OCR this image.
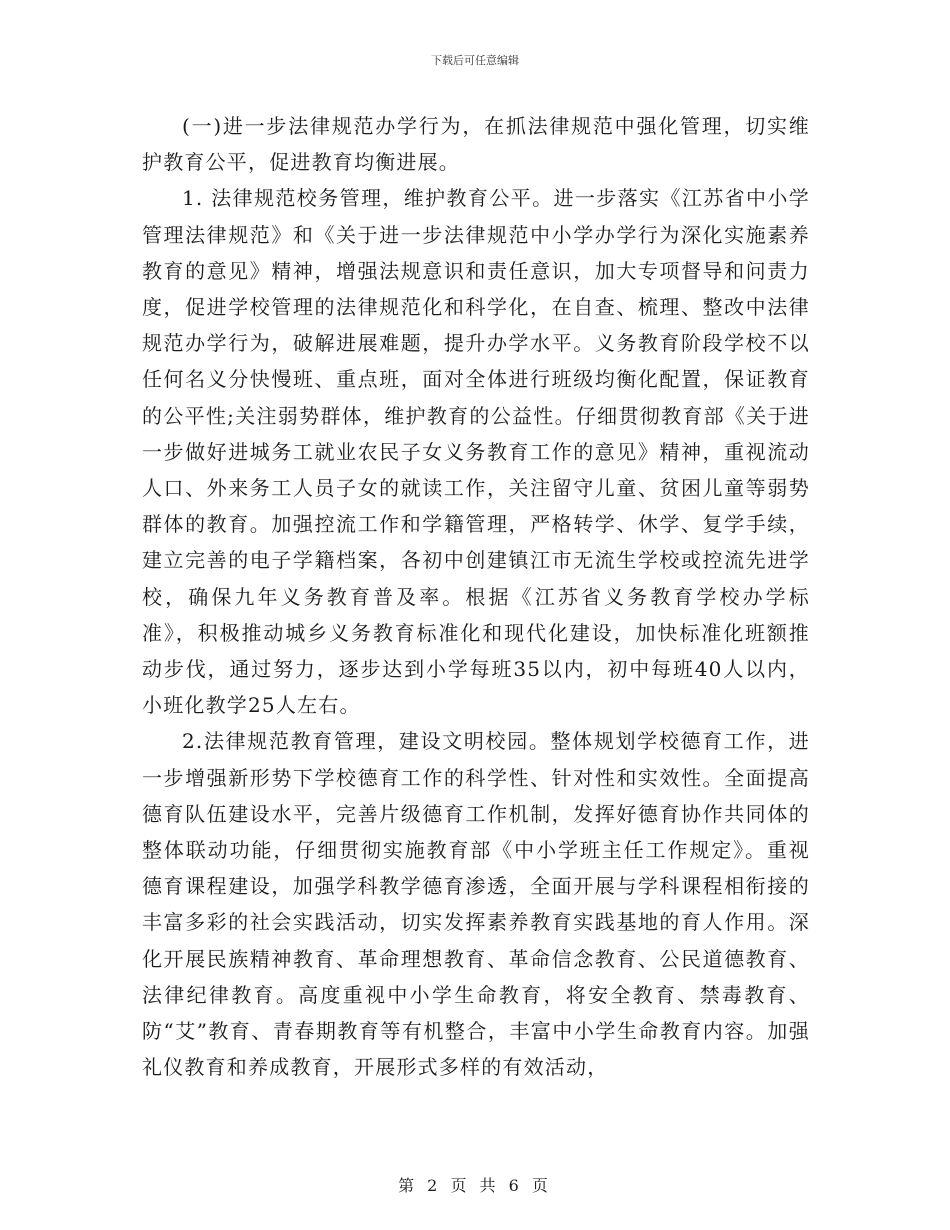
下载后可任意编辑

(一)进一步法律规范办学行为，在抓法律规范中强化管理，切实维护教育公平，促进教育均衡进展。

1. 法律规范校务管理，维护教育公平。进一步落实《江苏省中小学管理法律规范》和《关于进一步法律规范中小学办学行为深化实施素养教育的意见》精神，增强法规意识和责任意识，加大专项督导和问责力度，促进学校管理的法律规范化和科学化，在自查、梳理、整改中法律规范办学行为，破解进展难题，提升办学水平。义务教育阶段学校不以任何名义分快慢班、重点班，面对全体进行班级均衡化配置，保证教育的公平性;关注弱势群体，维护教育的公益性。仔细贯彻教育部《关于进一步做好进城务工就业农民子女义务教育工作的意见》精神，重视流动人口、外来务工人员子女的就读工作，关注留守儿童、贫困儿童等弱势群体的教育。加强控流工作和学籍管理，严格转学、休学、复学手续，建立完善的电子学籍档案，各初中创建镇江市无流生学校或控流先进学校，确保九年义务教育普及率。根据《江苏省义务教育学校办学标准》，积极推动城乡义务教育标准化和现代化建设，加快标准化班额推动步伐，通过努力，逐步达到小学每班35以内，初中每班40人以内，小班化教学25人左右。

2.法律规范教育管理，建设文明校园。整体规划学校德育工作，进一步增强新形势下学校德育工作的科学性、针对性和实效性。全面提高德育队伍建设水平，完善片级德育工作机制，发挥好德育协作共同体的整体联动功能，仔细贯彻实施教育部《中小学班主任工作规定》。重视德育课程建设，加强学科教学德育渗透，全面开展与学科课程相衔接的丰富多彩的社会实践活动，切实发挥素养教育实践基地的育人作用。深化开展民族精神教育、革命理想教育、革命信念教育、公民道德教育、法律纪律教育。高度重视中小学生命教育，将安全教育、禁毒教育、防“艾”教育、青春期教育等有机整合，丰富中小学生命教育内容。加强礼仪教育和养成教育，开展形式多样的有效活动，

第 2 页 共 6 页
